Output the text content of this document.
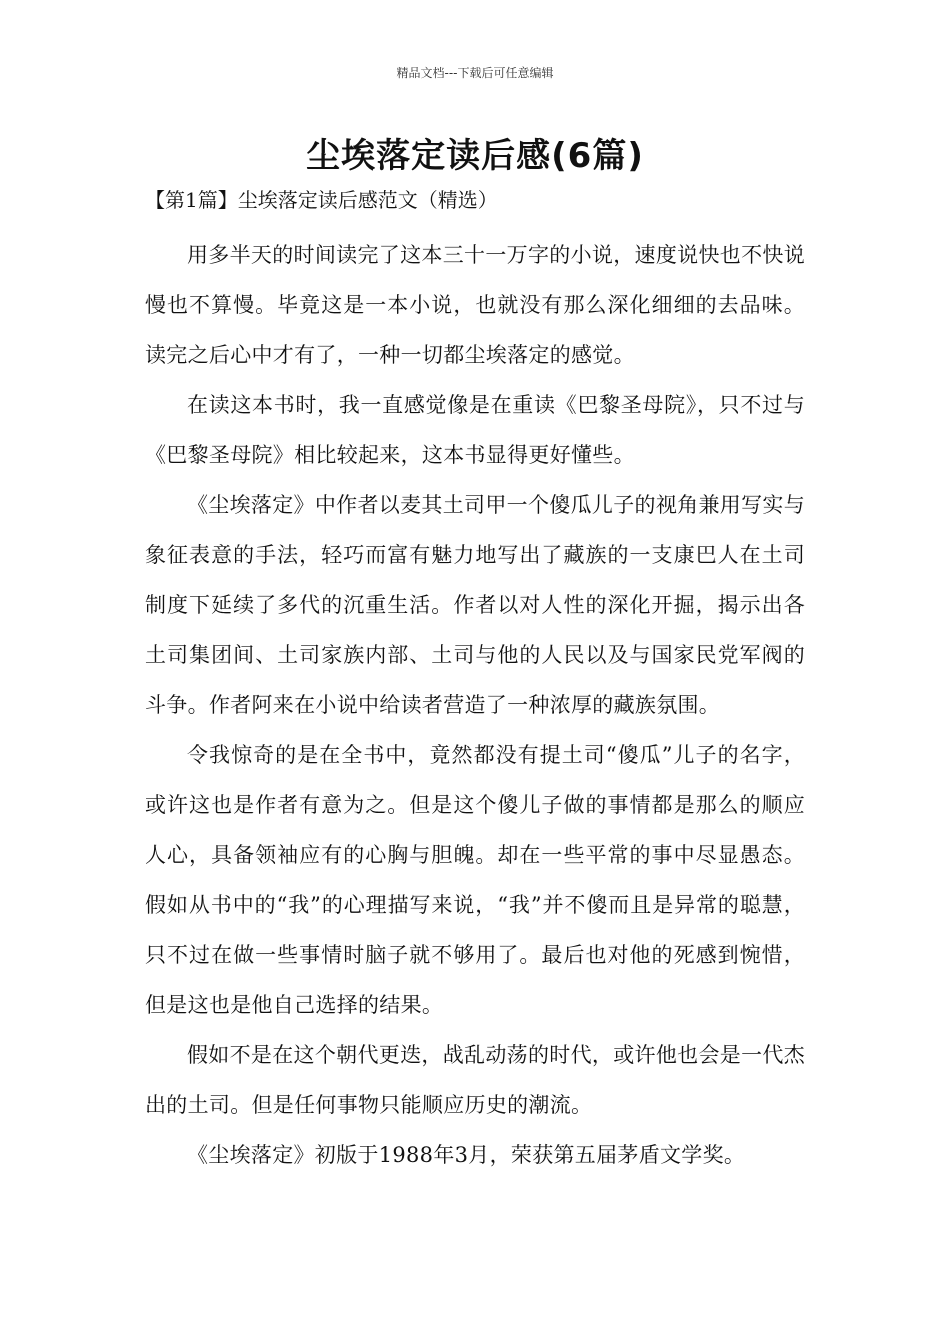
精品文档---下载后可任意编辑
尘埃落定读后感(6篇)
【第1篇】尘埃落定读后感范文（精选）

用多半天的时间读完了这本三十一万字的小说，速度说快也不快说慢也不算慢。毕竟这是一本小说，也就没有那么深化细细的去品味。读完之后心中才有了，一种一切都尘埃落定的感觉。

在读这本书时，我一直感觉像是在重读《巴黎圣母院》，只不过与《巴黎圣母院》相比较起来，这本书显得更好懂些。

《尘埃落定》中作者以麦其土司甲一个傻瓜儿子的视角兼用写实与象征表意的手法，轻巧而富有魅力地写出了藏族的一支康巴人在土司制度下延续了多代的沉重生活。作者以对人性的深化开掘，揭示出各土司集团间、土司家族内部、土司与他的人民以及与国家民党军阀的斗争。作者阿来在小说中给读者营造了一种浓厚的藏族氛围。

令我惊奇的是在全书中，竟然都没有提土司“傻瓜”儿子的名字，或许这也是作者有意为之。但是这个傻儿子做的事情都是那么的顺应人心，具备领袖应有的心胸与胆魄。却在一些平常的事中尽显愚态。假如从书中的“我”的心理描写来说，“我”并不傻而且是异常的聪慧，只不过在做一些事情时脑子就不够用了。最后也对他的死感到惋惜，但是这也是他自己选择的结果。

假如不是在这个朝代更迭，战乱动荡的时代，或许他也会是一代杰出的土司。但是任何事物只能顺应历史的潮流。

《尘埃落定》初版于1988年3月，荣获第五届茅盾文学奖。
